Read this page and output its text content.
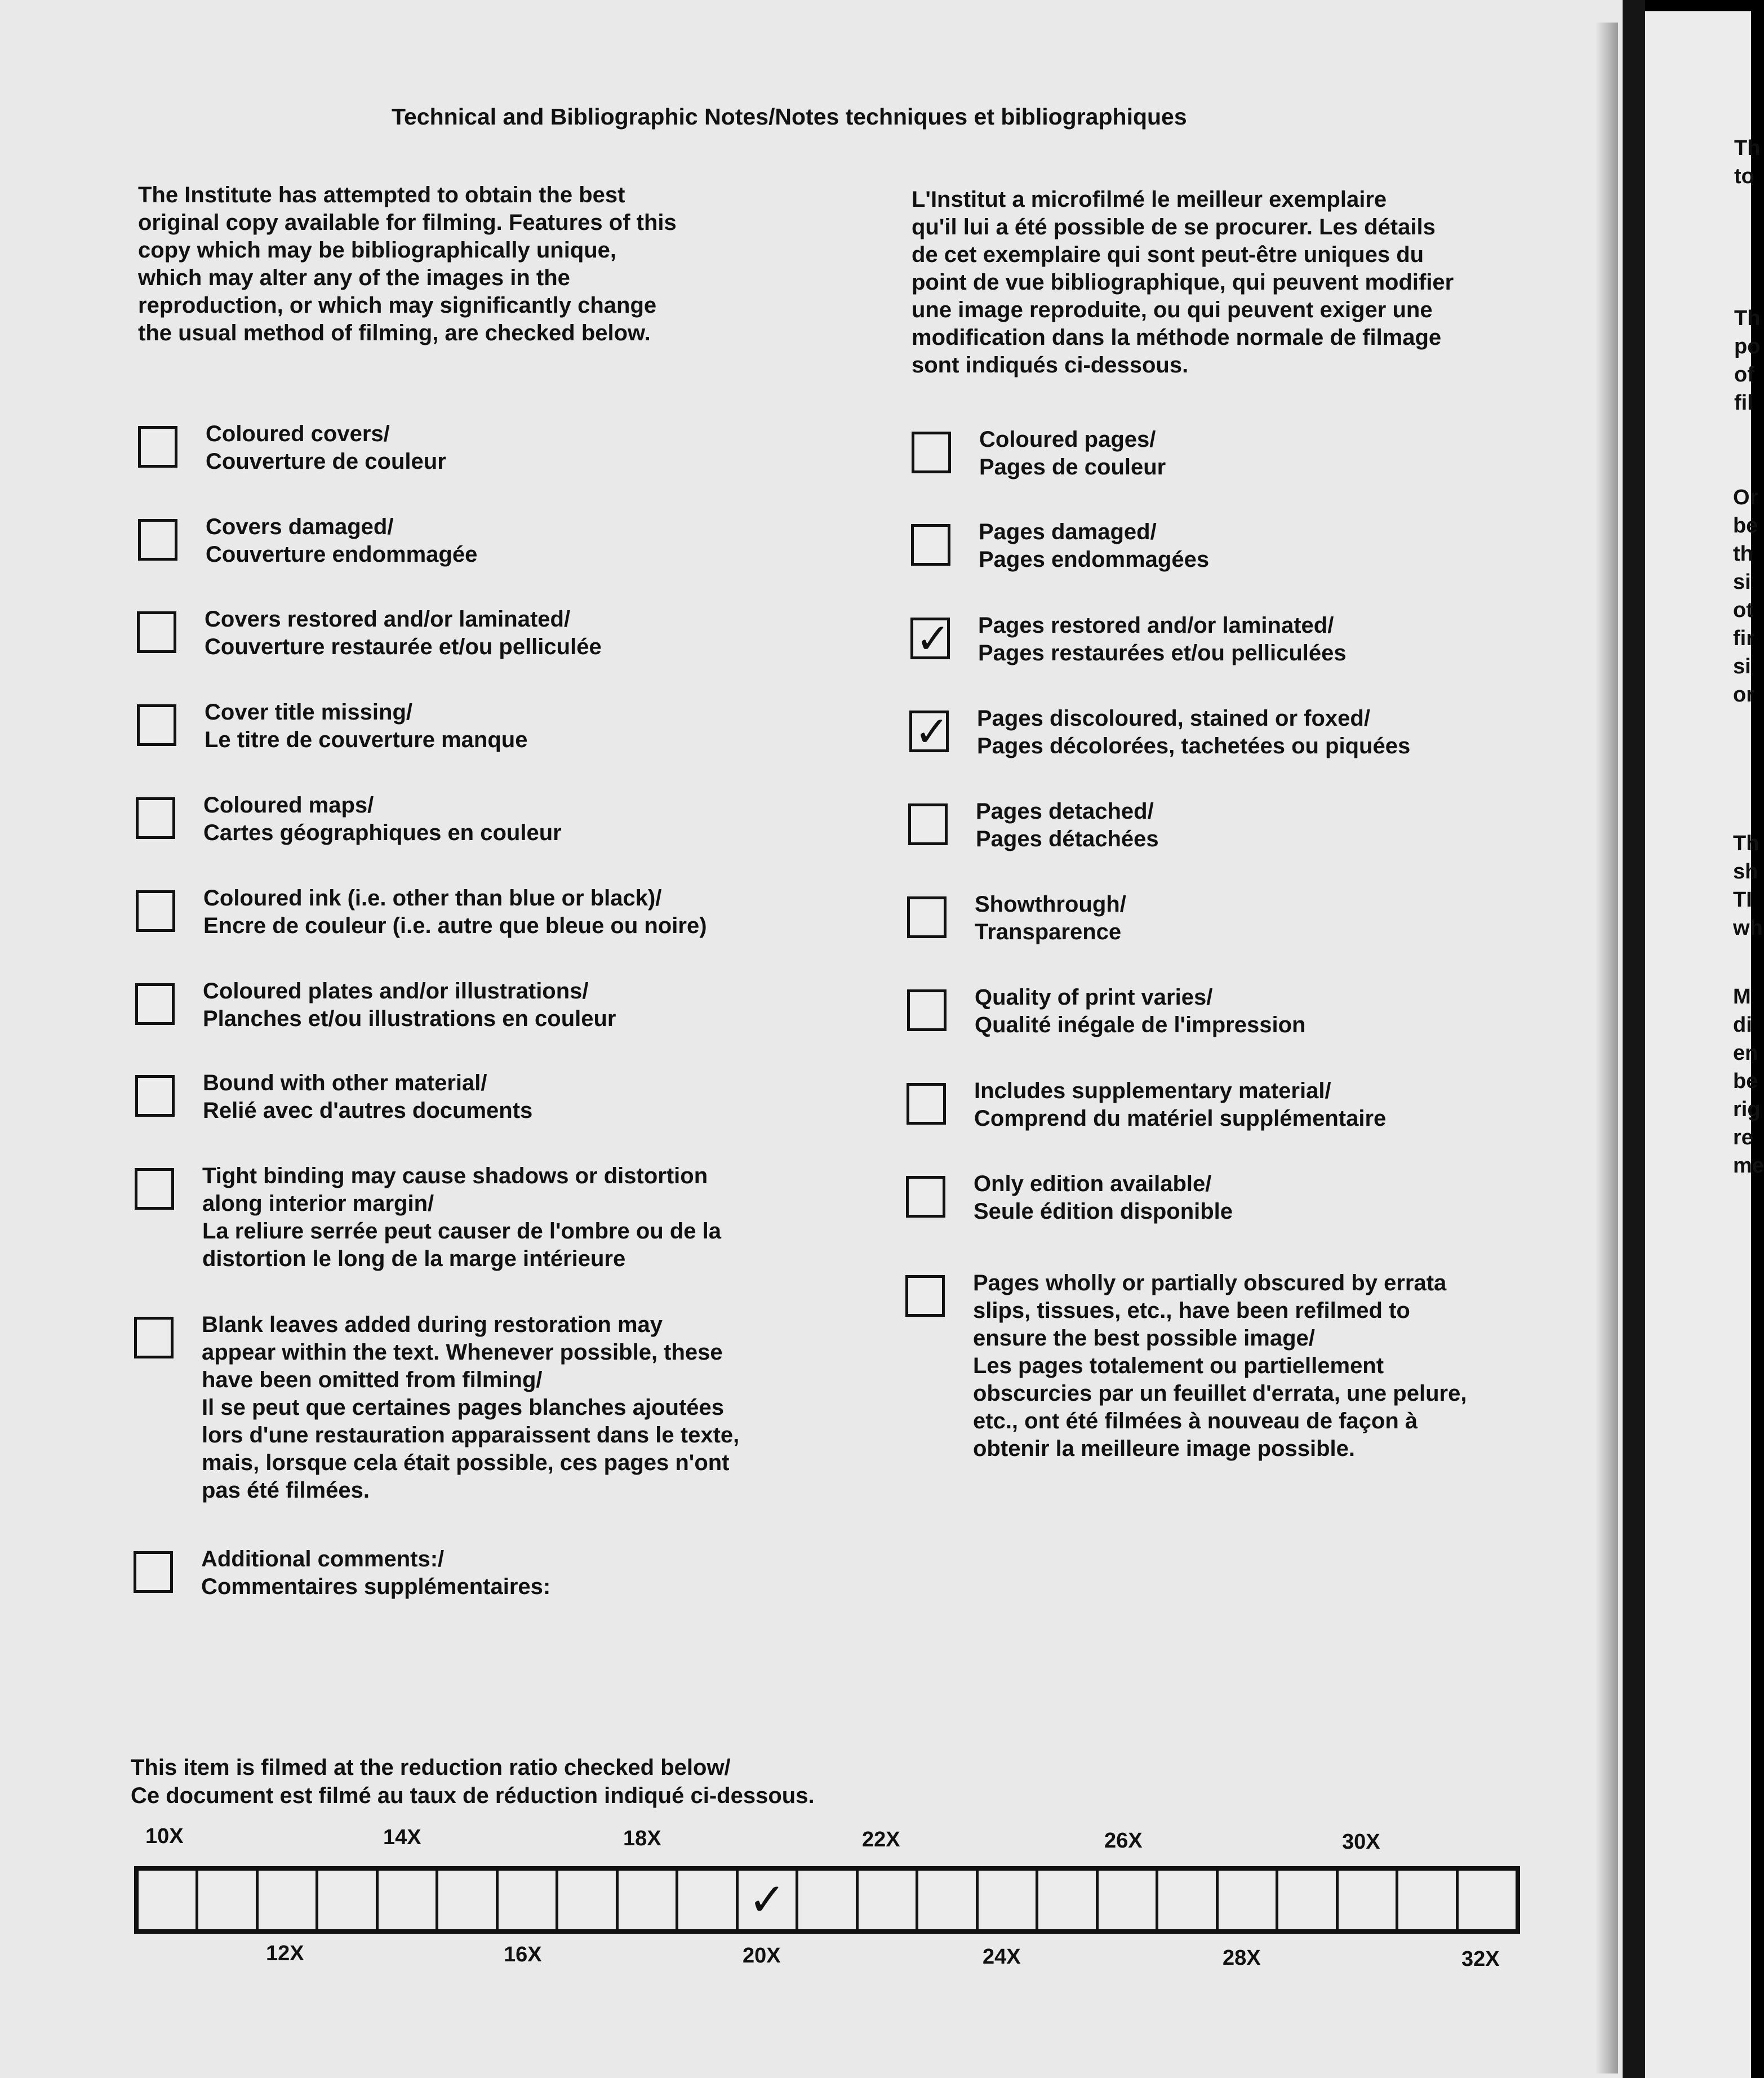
Technical and Bibliographic Notes/Notes techniques et bibliographiques
The Institute has attempted to obtain the best
original copy available for filming. Features of this
copy which may be bibliographically unique,
which may alter any of the images in the
reproduction, or which may significantly change
the usual method of filming, are checked below.
L'Institut a microfilmé le meilleur exemplaire
qu'il lui a été possible de se procurer. Les détails
de cet exemplaire qui sont peut-être uniques du
point de vue bibliographique, qui peuvent modifier
une image reproduite, ou qui peuvent exiger une
modification dans la méthode normale de filmage
sont indiqués ci-dessous.
Coloured covers/
Couverture de couleur
Covers damaged/
Couverture endommagée
Covers restored and/or laminated/
Couverture restaurée et/ou pelliculée
Cover title missing/
Le titre de couverture manque
Coloured maps/
Cartes géographiques en couleur
Coloured ink (i.e. other than blue or black)/
Encre de couleur (i.e. autre que bleue ou noire)
Coloured plates and/or illustrations/
Planches et/ou illustrations en couleur
Bound with other material/
Relié avec d'autres documents
Tight binding may cause shadows or distortion
along interior margin/
La reliure serrée peut causer de l'ombre ou de la
distortion le long de la marge intérieure
Blank leaves added during restoration may
appear within the text. Whenever possible, these
have been omitted from filming/
Il se peut que certaines pages blanches ajoutées
lors d'une restauration apparaissent dans le texte,
mais, lorsque cela était possible, ces pages n'ont
pas été filmées.
Additional comments:/
Commentaires supplémentaires:
Coloured pages/
Pages de couleur
Pages damaged/
Pages endommagées
✓ Pages restored and/or laminated/
Pages restaurées et/ou pelliculées
✓ Pages discoloured, stained or foxed/
Pages décolorées, tachetées ou piquées
Pages detached/
Pages détachées
Showthrough/
Transparence
Quality of print varies/
Qualité inégale de l'impression
Includes supplementary material/
Comprend du matériel supplémentaire
Only edition available/
Seule édition disponible
Pages wholly or partially obscured by errata
slips, tissues, etc., have been refilmed to
ensure the best possible image/
Les pages totalement ou partiellement
obscurcies par un feuillet d'errata, une pelure,
etc., ont été filmées à nouveau de façon à
obtenir la meilleure image possible.
This item is filmed at the reduction ratio checked below/
Ce document est filmé au taux de réduction indiqué ci-dessous.
10X	14X	18X	22X	26X	30X
✓
12X	16X	20X	24X	28X	32X
Th
to
Th
po
of
fil
Or
be
th
si
ot
fir
si
or
Th
sh
TI
wh
M
di
en
be
rig
re
me
